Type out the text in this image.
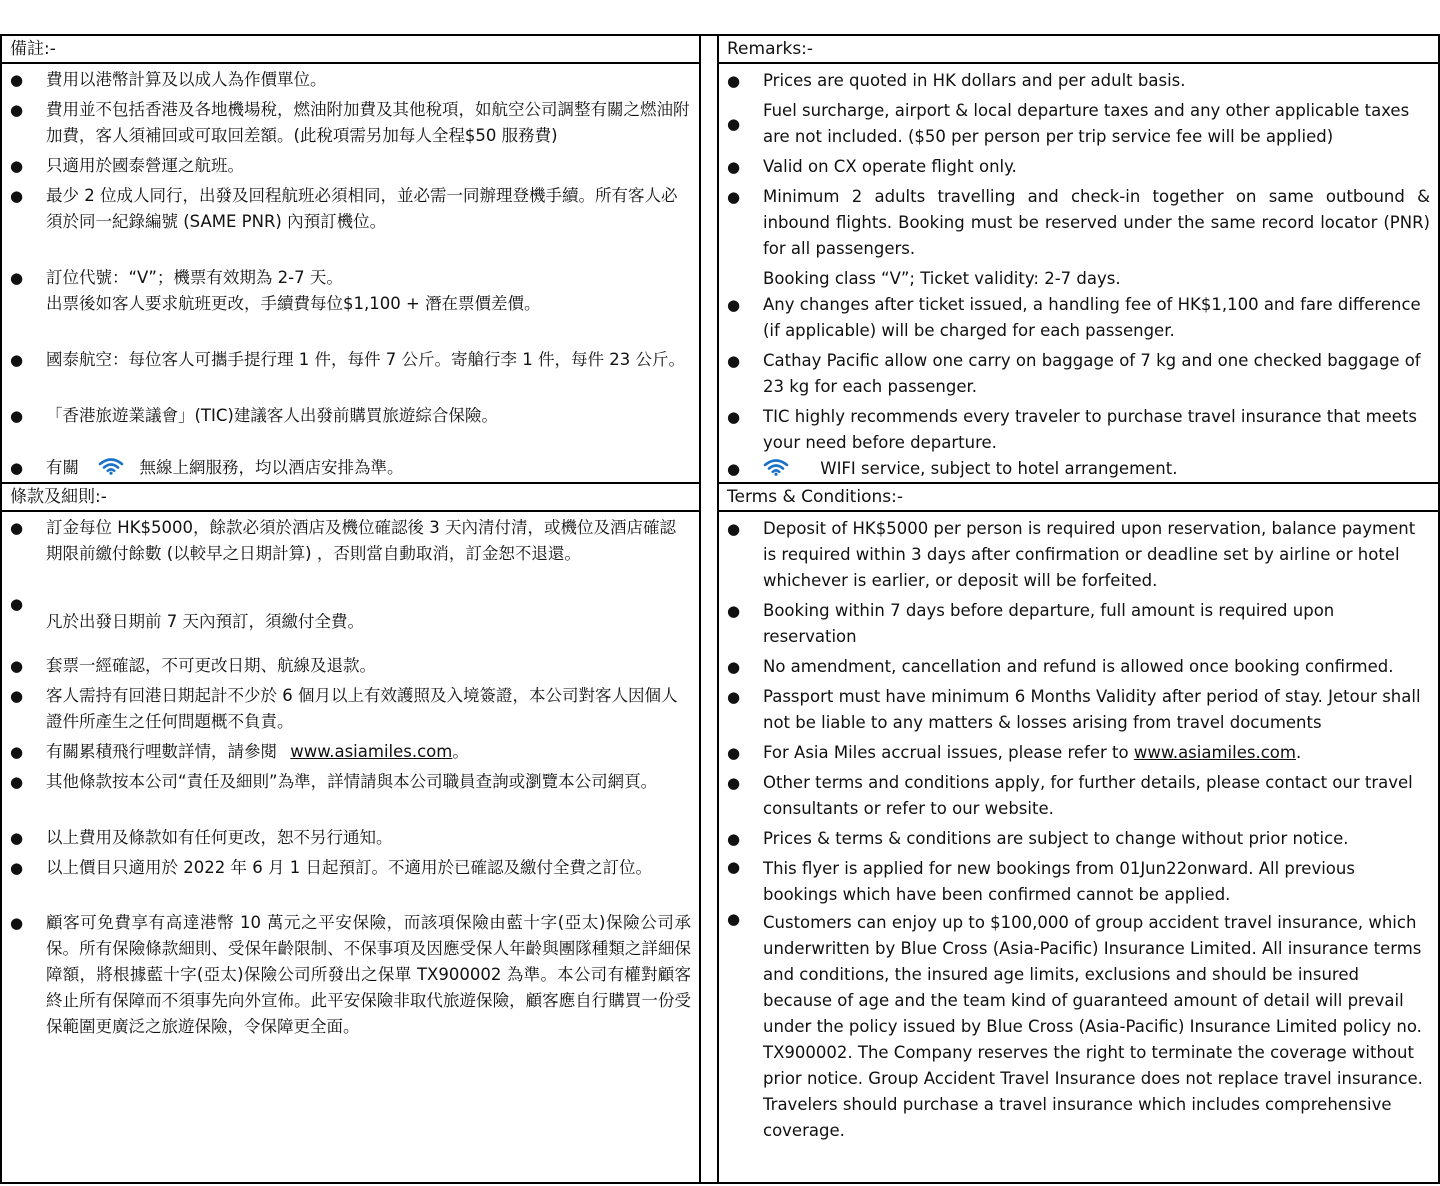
備註:-
● 費用以港幣計算及以成人為作價單位。
● 費用並不包括香港及各地機場稅，燃油附加費及其他稅項，如航空公司調整有關之燃油附加費，客人須補回或可取回差額。(此稅項需另加每人全程$50 服務費)
● 只適用於國泰營運之航班。
● 最少 2 位成人同行，出發及回程航班必須相同，並必需一同辦理登機手續。所有客人必須於同一紀錄編號 (SAME PNR) 內預訂機位。
● 訂位代號：“V”；機票有效期為 2-7 天。
出票後如客人要求航班更改，手續費每位$1,100 + 潛在票價差價。
● 國泰航空：每位客人可攜手提行理 1 件，每件 7 公斤。寄艙行李 1 件，每件 23 公斤。
● 「香港旅遊業議會」(TIC)建議客人出發前購買旅遊綜合保險。
● 有關	無線上網服務，均以酒店安排為準。
條款及細則:-
● 訂金每位 HK$5000，餘款必須於酒店及機位確認後 3 天內清付清，或機位及酒店確認期限前繳付餘數 (以較早之日期計算) ，否則當自動取消，訂金恕不退還。
●
凡於出發日期前 7 天內預訂，須繳付全費。
● 套票一經確認，不可更改日期、航線及退款。
● 客人需持有回港日期起計不少於 6 個月以上有效護照及入境簽證，本公司對客人因個人證件所產生之任何問題概不負責。
● 有關累積飛行哩數詳情，請參閱 www.asiamiles.com。
● 其他條款按本公司“責任及細則”為準，詳情請與本公司職員查詢或瀏覽本公司網頁。
● 以上費用及條款如有任何更改，恕不另行通知。
● 以上價目只適用於 2022 年 6 月 1 日起預訂。不適用於已確認及繳付全費之訂位。
● 顧客可免費享有高達港幣 10 萬元之平安保險，而該項保險由藍十字(亞太)保險公司承保。所有保險條款細則、受保年齡限制、不保事項及因應受保人年齡與團隊種類之詳細保障額，將根據藍十字(亞太)保險公司所發出之保單 TX900002 為準。本公司有權對顧客終止所有保障而不須事先向外宣佈。此平安保險非取代旅遊保險，顧客應自行購買一份受保範圍更廣泛之旅遊保險，令保障更全面。
Remarks:-
● Prices are quoted in HK dollars and per adult basis.
●
Fuel surcharge, airport & local departure taxes and any other applicable taxes are not included. ($50 per person per trip service fee will be applied)
● Valid on CX operate flight only.
● Minimum 2 adults travelling and check-in together on same outbound & inbound flights. Booking must be reserved under the same record locator (PNR) for all passengers.
Booking class “V”; Ticket validity: 2-7 days.
● Any changes after ticket issued, a handling fee of HK$1,100 and fare difference (if applicable) will be charged for each passenger.
● Cathay Pacific allow one carry on baggage of 7 kg and one checked baggage of 23 kg for each passenger.
● TIC highly recommends every traveler to purchase travel insurance that meets your need before departure.
●	WIFI service, subject to hotel arrangement.
Terms & Conditions:-
● Deposit of HK$5000 per person is required upon reservation, balance payment is required within 3 days after confirmation or deadline set by airline or hotel whichever is earlier, or deposit will be forfeited.
● Booking within 7 days before departure, full amount is required upon reservation
● No amendment, cancellation and refund is allowed once booking confirmed.
● Passport must have minimum 6 Months Validity after period of stay. Jetour shall not be liable to any matters & losses arising from travel documents
● For Asia Miles accrual issues, please refer to www.asiamiles.com.
● Other terms and conditions apply, for further details, please contact our travel consultants or refer to our website.
● Prices & terms & conditions are subject to change without prior notice.
● This flyer is applied for new bookings from 01Jun22onward. All previous bookings which have been confirmed cannot be applied.
● Customers can enjoy up to $100,000 of group accident travel insurance, which underwritten by Blue Cross (Asia-Pacific) Insurance Limited. All insurance terms and conditions, the insured age limits, exclusions and should be insured because of age and the team kind of guaranteed amount of detail will prevail under the policy issued by Blue Cross (Asia-Pacific) Insurance Limited policy no. TX900002. The Company reserves the right to terminate the coverage without prior notice. Group Accident Travel Insurance does not replace travel insurance. Travelers should purchase a travel insurance which includes comprehensive coverage.
